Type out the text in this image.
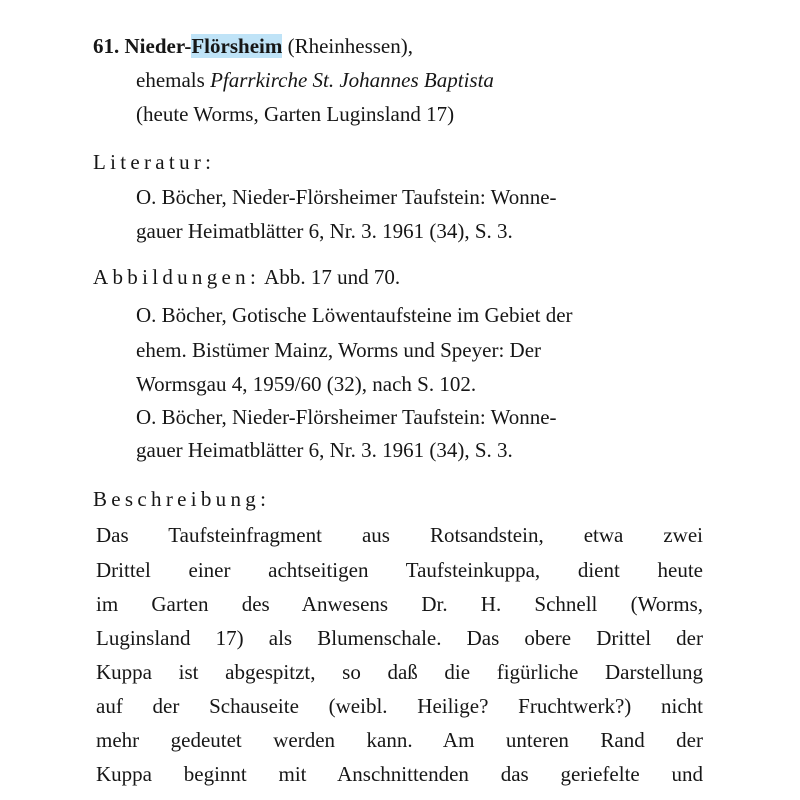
61. Nieder-Flörsheim (Rheinhessen),
ehemals Pfarrkirche St. Johannes Baptista
(heute Worms, Garten Luginsland 17)
Literatur:
O. Böcher, Nieder-Flörsheimer Taufstein: Wonne-
gauer Heimatblätter 6, Nr. 3. 1961 (34), S. 3.
Abbildungen: Abb. 17 und 70.
O. Böcher, Gotische Löwentaufsteine im Gebiet der
ehem. Bistümer Mainz, Worms und Speyer: Der
Wormsgau 4, 1959/60 (32), nach S. 102.
O. Böcher, Nieder-Flörsheimer Taufstein: Wonne-
gauer Heimatblätter 6, Nr. 3. 1961 (34), S. 3.
Beschreibung:
Das Taufsteinfragment aus Rotsandstein, etwa zwei
Drittel einer achtseitigen Taufsteinkuppa, dient heute
im Garten des Anwesens Dr. H. Schnell (Worms,
Luginsland 17) als Blumenschale. Das obere Drittel der
Kuppa ist abgespitzt, so daß die figürliche Darstellung
auf der Schauseite (weibl. Heilige? Fruchtwerk?) nicht
mehr gedeutet werden kann. Am unteren Rand der
Kuppa beginnt mit Anschnittenden das geriefelte und
